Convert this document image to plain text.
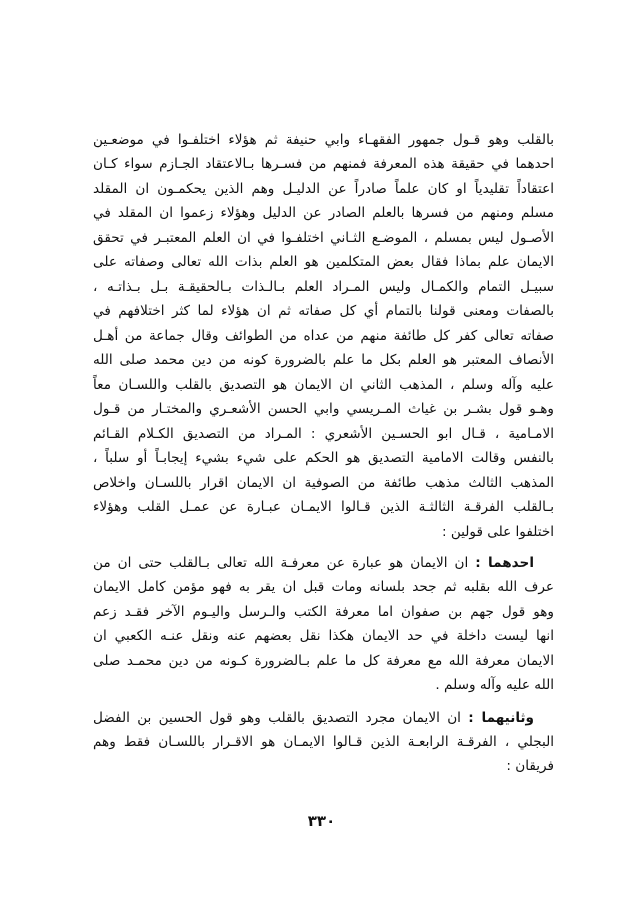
بالقلب وهو قـول جمهور الفقهـاء وابي حنيفة ثم هؤلاء اختلفـوا في موضعـين
احدهما في حقيقة هذه المعرفة فمنهم من فسـرها بـالاعتقاد الجـازم سواء كـان
اعتقاداً تقليدياً او كان علماً صادراً عن الدليـل وهم الذين يحكمـون ان المقلد
مسلم ومنهم من فسرها بالعلم الصادر عن الدليل وهؤلاء زعموا ان المقلد في
الأصـول ليس بمسلم ، الموضـع الثـاني اختلفـوا في ان العلم المعتبـر في تحقق
الايمان علم بماذا فقال بعض المتكلمين هو العلم بذات الله تعالى وصفاته على
سبيـل التمام والكمـال وليس المـراد العلم بـالـذات بـالحقيقـة بـل بـذاتـه ،
بالصفات ومعنى قولنا بالتمام أي كل صفاته ثم ان هؤلاء لما كثر اختلافهم في
صفاته تعالى كفر كل طائفة منهم من عداه من الطوائف وقال جماعة من أهـل
الأنصاف المعتبر هو العلم بكل ما علم بالضرورة كونه من دين محمد صلى الله
عليه وآله وسلم ، المذهب الثاني ان الايمان هو التصديق بالقلب واللسـان معاً
وهـو قول بشـر بن غياث المـريسي وابي الحسن الأشعـري والمختـار من قـول
الامـامية ، قـال ابو الحسـين الأشعري : المـراد من التصديق الكـلام القـائم
بالنفس وقالت الامامية التصديق هو الحكم على شيء بشيء إيجابـاً أو سلباً ،
المذهب الثالث مذهب طائفة من الصوفية ان الايمان اقرار باللسـان واخلاص
بـالقلب الفرقـة الثالثـة الذين قـالوا الايمـان عبـارة عن عمـل القلب وهؤلاء
اختلفوا على قولين :
احدهما : ان الايمان هو عبارة عن معرفـة الله تعالى بـالقلب حتى ان من
عرف الله بقلبه ثم جحد بلسانه ومات قبل ان يقر به فهو مؤمن كامل الايمان
وهو قول جهم بن صفوان اما معرفة الكتب والـرسل واليـوم الآخر فقـد زعم
انها ليست داخلة في حد الايمان هكذا نقل بعضهم عنه ونقل عنـه الكعبي ان
الايمان معرفة الله مع معرفة كل ما علم بـالضرورة كـونه من دين محمـد صلى
الله عليه وآله وسلم .
وثانيهما : ان الايمان مجرد التصديق بالقلب وهو قول الحسين بن الفضل
البجلي ، الفرقـة الرابعـة الذين قـالوا الايمـان هو الاقـرار باللسـان فقط وهم
فريقان :
٣٣٠
